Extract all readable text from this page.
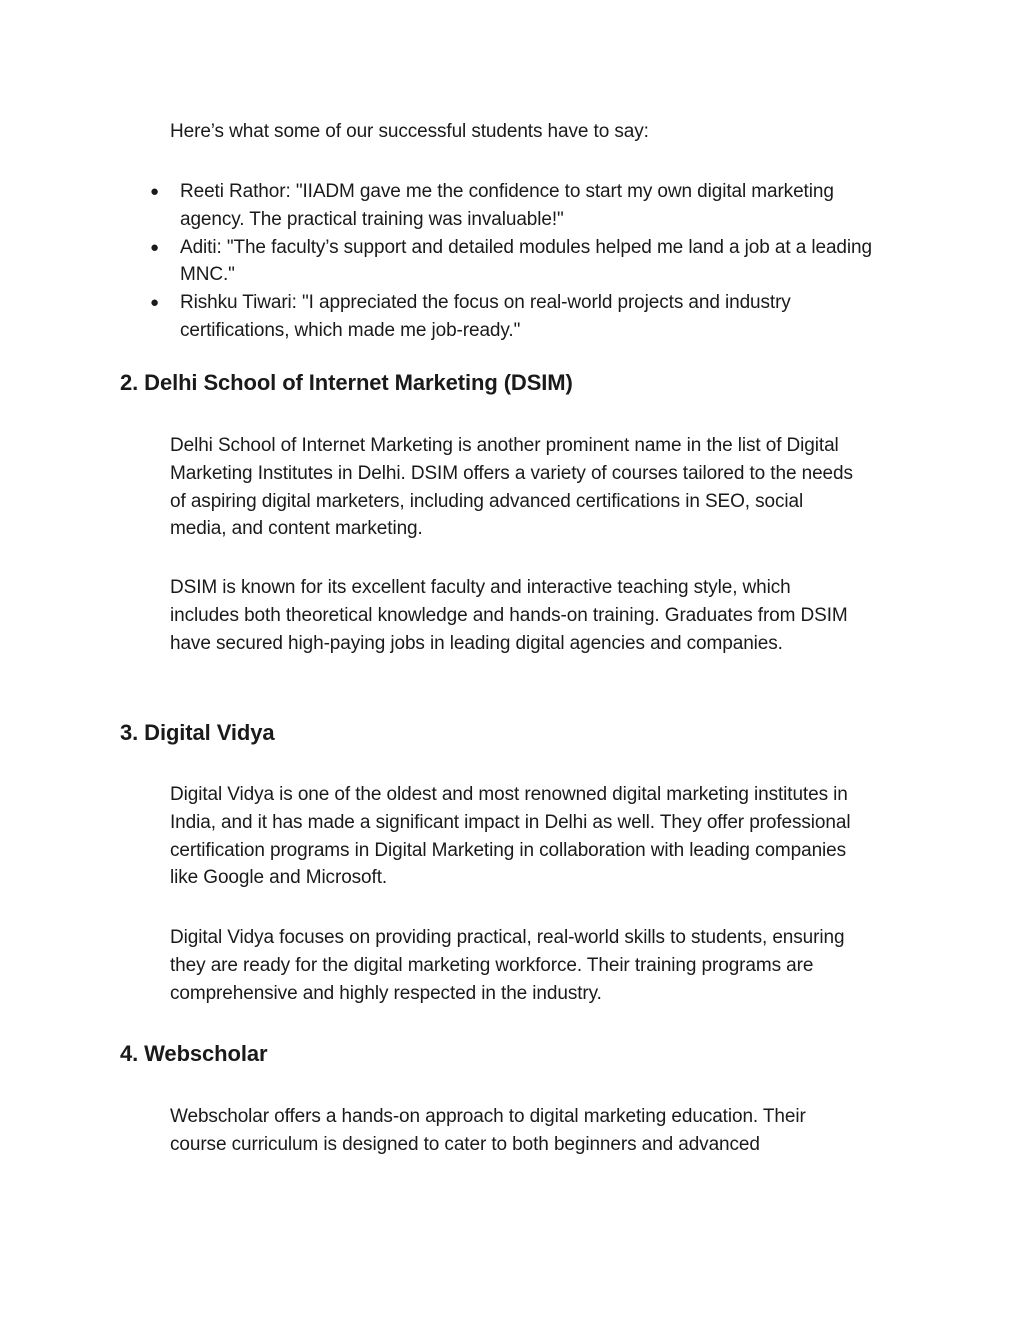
Here’s what some of our successful students have to say:

● Reeti Rathor: "IIADM gave me the confidence to start my own digital marketing agency. The practical training was invaluable!"
● Aditi: "The faculty’s support and detailed modules helped me land a job at a leading MNC."
● Rishku Tiwari: "I appreciated the focus on real-world projects and industry certifications, which made me job-ready."
2. Delhi School of Internet Marketing (DSIM)

Delhi School of Internet Marketing is another prominent name in the list of Digital Marketing Institutes in Delhi. DSIM offers a variety of courses tailored to the needs of aspiring digital marketers, including advanced certifications in SEO, social media, and content marketing.

DSIM is known for its excellent faculty and interactive teaching style, which includes both theoretical knowledge and hands-on training. Graduates from DSIM have secured high-paying jobs in leading digital agencies and companies.

3. Digital Vidya

Digital Vidya is one of the oldest and most renowned digital marketing institutes in India, and it has made a significant impact in Delhi as well. They offer professional certification programs in Digital Marketing in collaboration with leading companies like Google and Microsoft.

Digital Vidya focuses on providing practical, real-world skills to students, ensuring they are ready for the digital marketing workforce. Their training programs are comprehensive and highly respected in the industry.

4. Webscholar

Webscholar offers a hands-on approach to digital marketing education. Their course curriculum is designed to cater to both beginners and advanced
